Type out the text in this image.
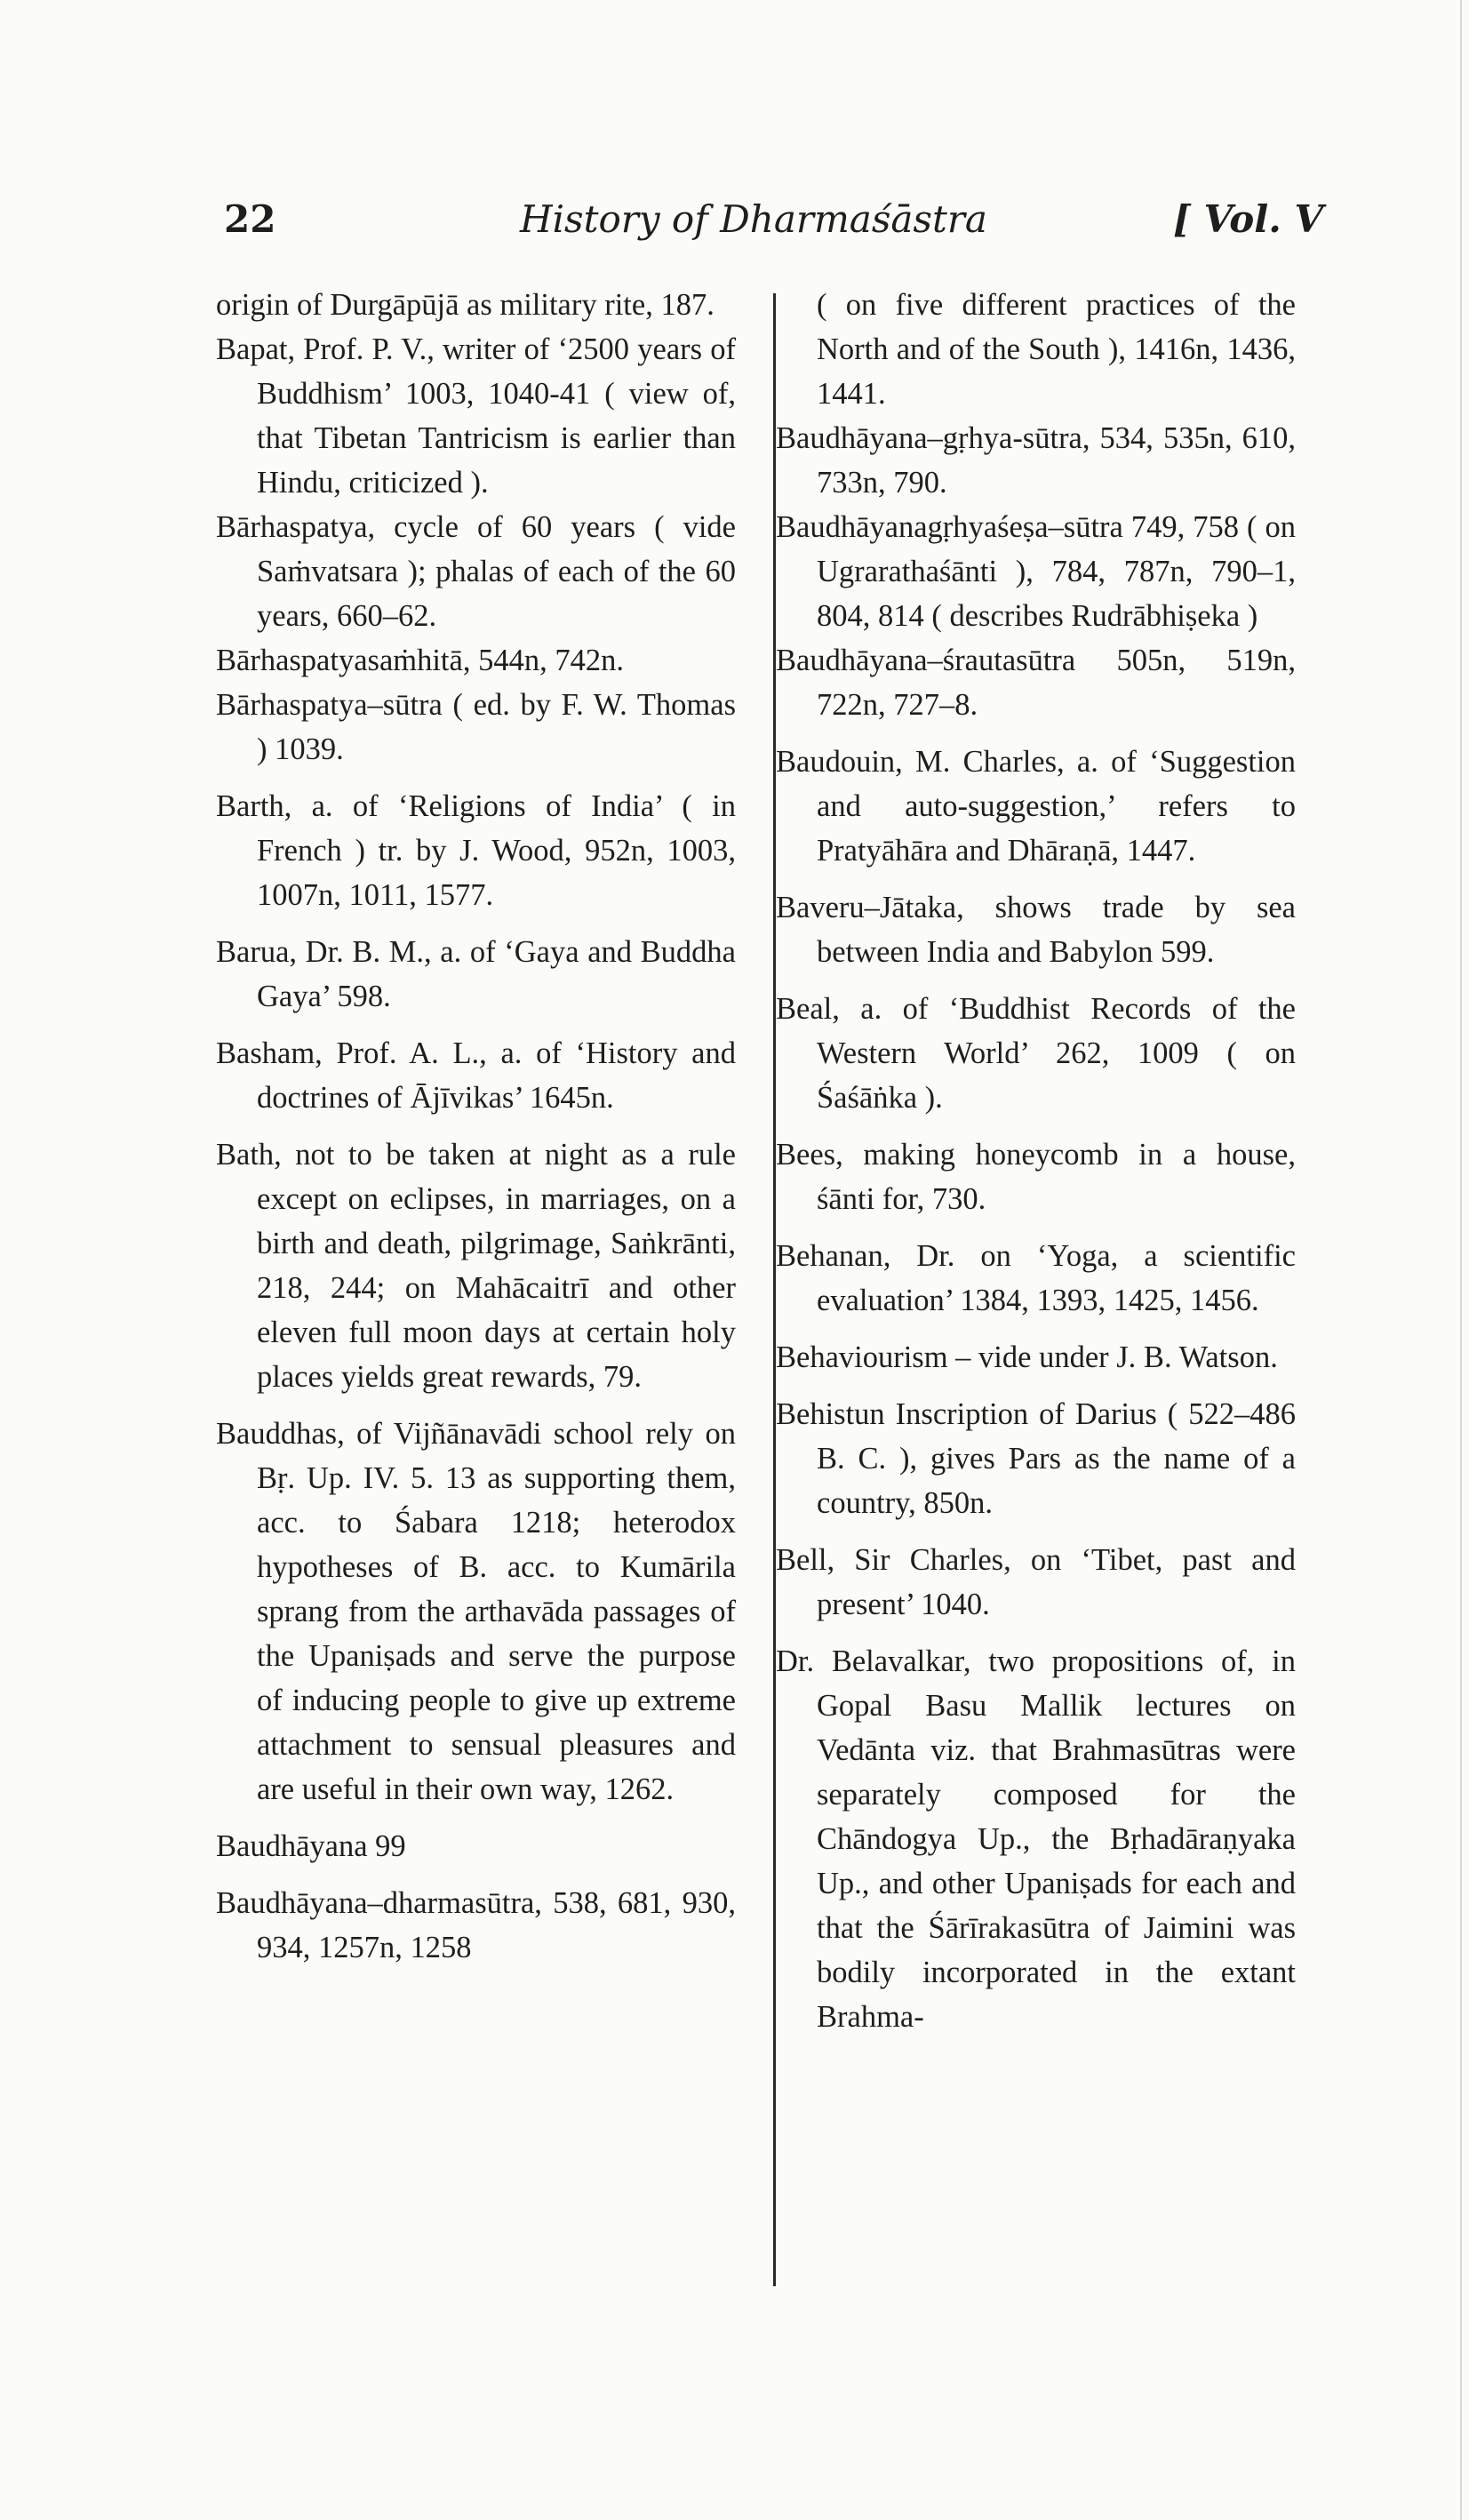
22	History of Dharmaśāstra	[ Vol. V
origin of Durgāpūjā as military rite, 187.
Bapat, Prof. P. V., writer of ‘2500 years of Buddhism’ 1003, 1040-41 ( view of, that Tibetan Tantricism is earlier than Hindu, criticized ).
Bārhaspatya, cycle of 60 years ( vide Saṁvatsara ); phalas of each of the 60 years, 660–62.
Bārhaspatyasaṁhitā, 544n, 742n.
Bārhaspatya–sūtra ( ed. by F. W. Thomas ) 1039.
Barth, a. of ‘Religions of India’ ( in French ) tr. by J. Wood, 952n, 1003, 1007n, 1011, 1577.
Barua, Dr. B. M., a. of ‘Gaya and Buddha Gaya’ 598.
Basham, Prof. A. L., a. of ‘History and doctrines of Ājīvikas’ 1645n.
Bath, not to be taken at night as a rule except on eclipses, in marriages, on a birth and death, pilgrimage, Saṅkrānti, 218, 244; on Mahācaitrī and other eleven full moon days at certain holy places yields great rewards, 79.
Bauddhas, of Vijñānavādi school rely on Bṛ. Up. IV. 5. 13 as supporting them, acc. to Śabara 1218; heterodox hypotheses of B. acc. to Kumārila sprang from the arthavāda passages of the Upaniṣads and serve the purpose of inducing people to give up extreme attachment to sensual pleasures and are useful in their own way, 1262.
Baudhāyana 99
Baudhāyana–dharmasūtra, 538, 681, 930, 934, 1257n, 1258
( on five different practices of the North and of the South ), 1416n, 1436, 1441.
Baudhāyana–gṛhya-sūtra, 534, 535n, 610, 733n, 790.
Baudhāyanagṛhyaśeṣa–sūtra 749, 758 ( on Ugrarathaśānti ), 784, 787n, 790–1, 804, 814 ( describes Rudrābhiṣeka )
Baudhāyana–śrautasūtra 505n, 519n, 722n, 727–8.
Baudouin, M. Charles, a. of ‘Suggestion and auto-suggestion,’ refers to Pratyāhāra and Dhāraṇā, 1447.
Baveru–Jātaka, shows trade by sea between India and Babylon 599.
Beal, a. of ‘Buddhist Records of the Western World’ 262, 1009 ( on Śaśāṅka ).
Bees, making honeycomb in a house, śānti for, 730.
Behanan, Dr. on ‘Yoga, a scientific evaluation’ 1384, 1393, 1425, 1456.
Behaviourism – vide under J. B. Watson.
Behistun Inscription of Darius ( 522–486 B. C. ), gives Pars as the name of a country, 850n.
Bell, Sir Charles, on ‘Tibet, past and present’ 1040.
Dr. Belavalkar, two propositions of, in Gopal Basu Mallik lectures on Vedānta viz. that Brahmasūtras were separately composed for the Chāndogya Up., the Bṛhadāraṇyaka Up., and other Upaniṣads for each and that the Śārīrakasūtra of Jaimini was bodily incorporated in the extant Brahma-
